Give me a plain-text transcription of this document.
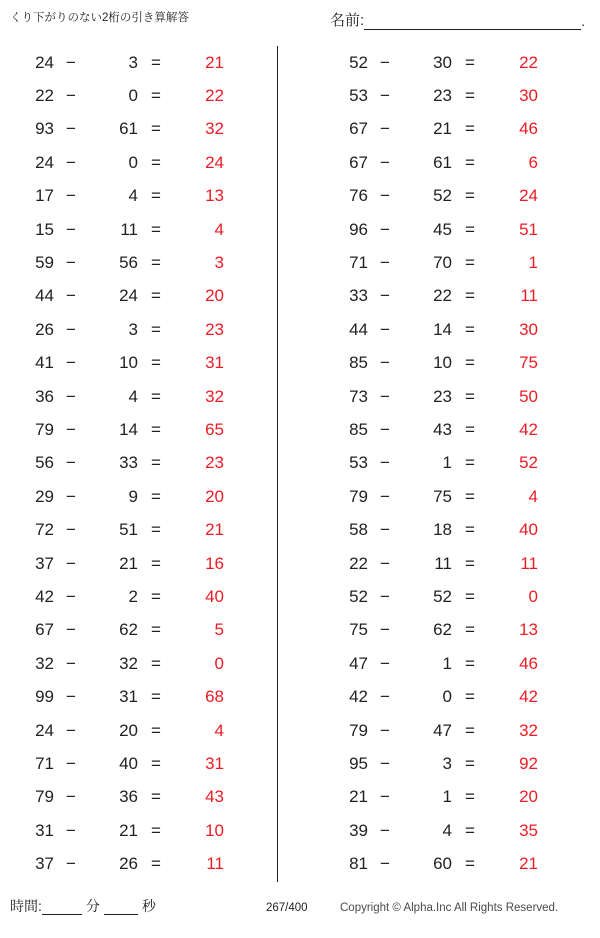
くり下がりのない2桁の引き算解答	名前 :	.
24 −	3 =	21
22 −	0 =	22
93 −	61 =	32
24 −	0 =	24
17 −	4 =	13
15 −	11 =	4
59 −	56 =	3
44 −	24 =	20
26 −	3 =	23
41 −	10 =	31
36 −	4 =	32
79 −	14 =	65
56 −	33 =	23
29 −	9 =	20
72 −	51 =	21
37 −	21 =	16
42 −	2 =	40
67 −	62 =	5
32 −	32 =	0
99 −	31 =	68
24 −	20 =	4
71 −	40 =	31
79 −	36 =	43
31 −	21 =	10
37 −	26 =	11
52 −	30 =	22
53 −	23 =	30
67 −	21 =	46
67 −	61 =	6
76 −	52 =	24
96 −	45 =	51
71 −	70 =	1
33 −	22 =	11
44 −	14 =	30
85 −	10 =	75
73 −	23 =	50
85 −	43 =	42
53 −	1 =	52
79 −	75 =	4
58 −	18 =	40
22 −	11 =	11
52 −	52 =	0
75 −	62 =	13
47 −	1 =	46
42 −	0 =	42
79 −	47 =	32
95 −	3 =	92
21 −	1 =	20
39 −	4 =	35
81 −	60 =	21
時間 :	分	秒	267/400	Copyright © Alpha.Inc All Rights Reserved.
